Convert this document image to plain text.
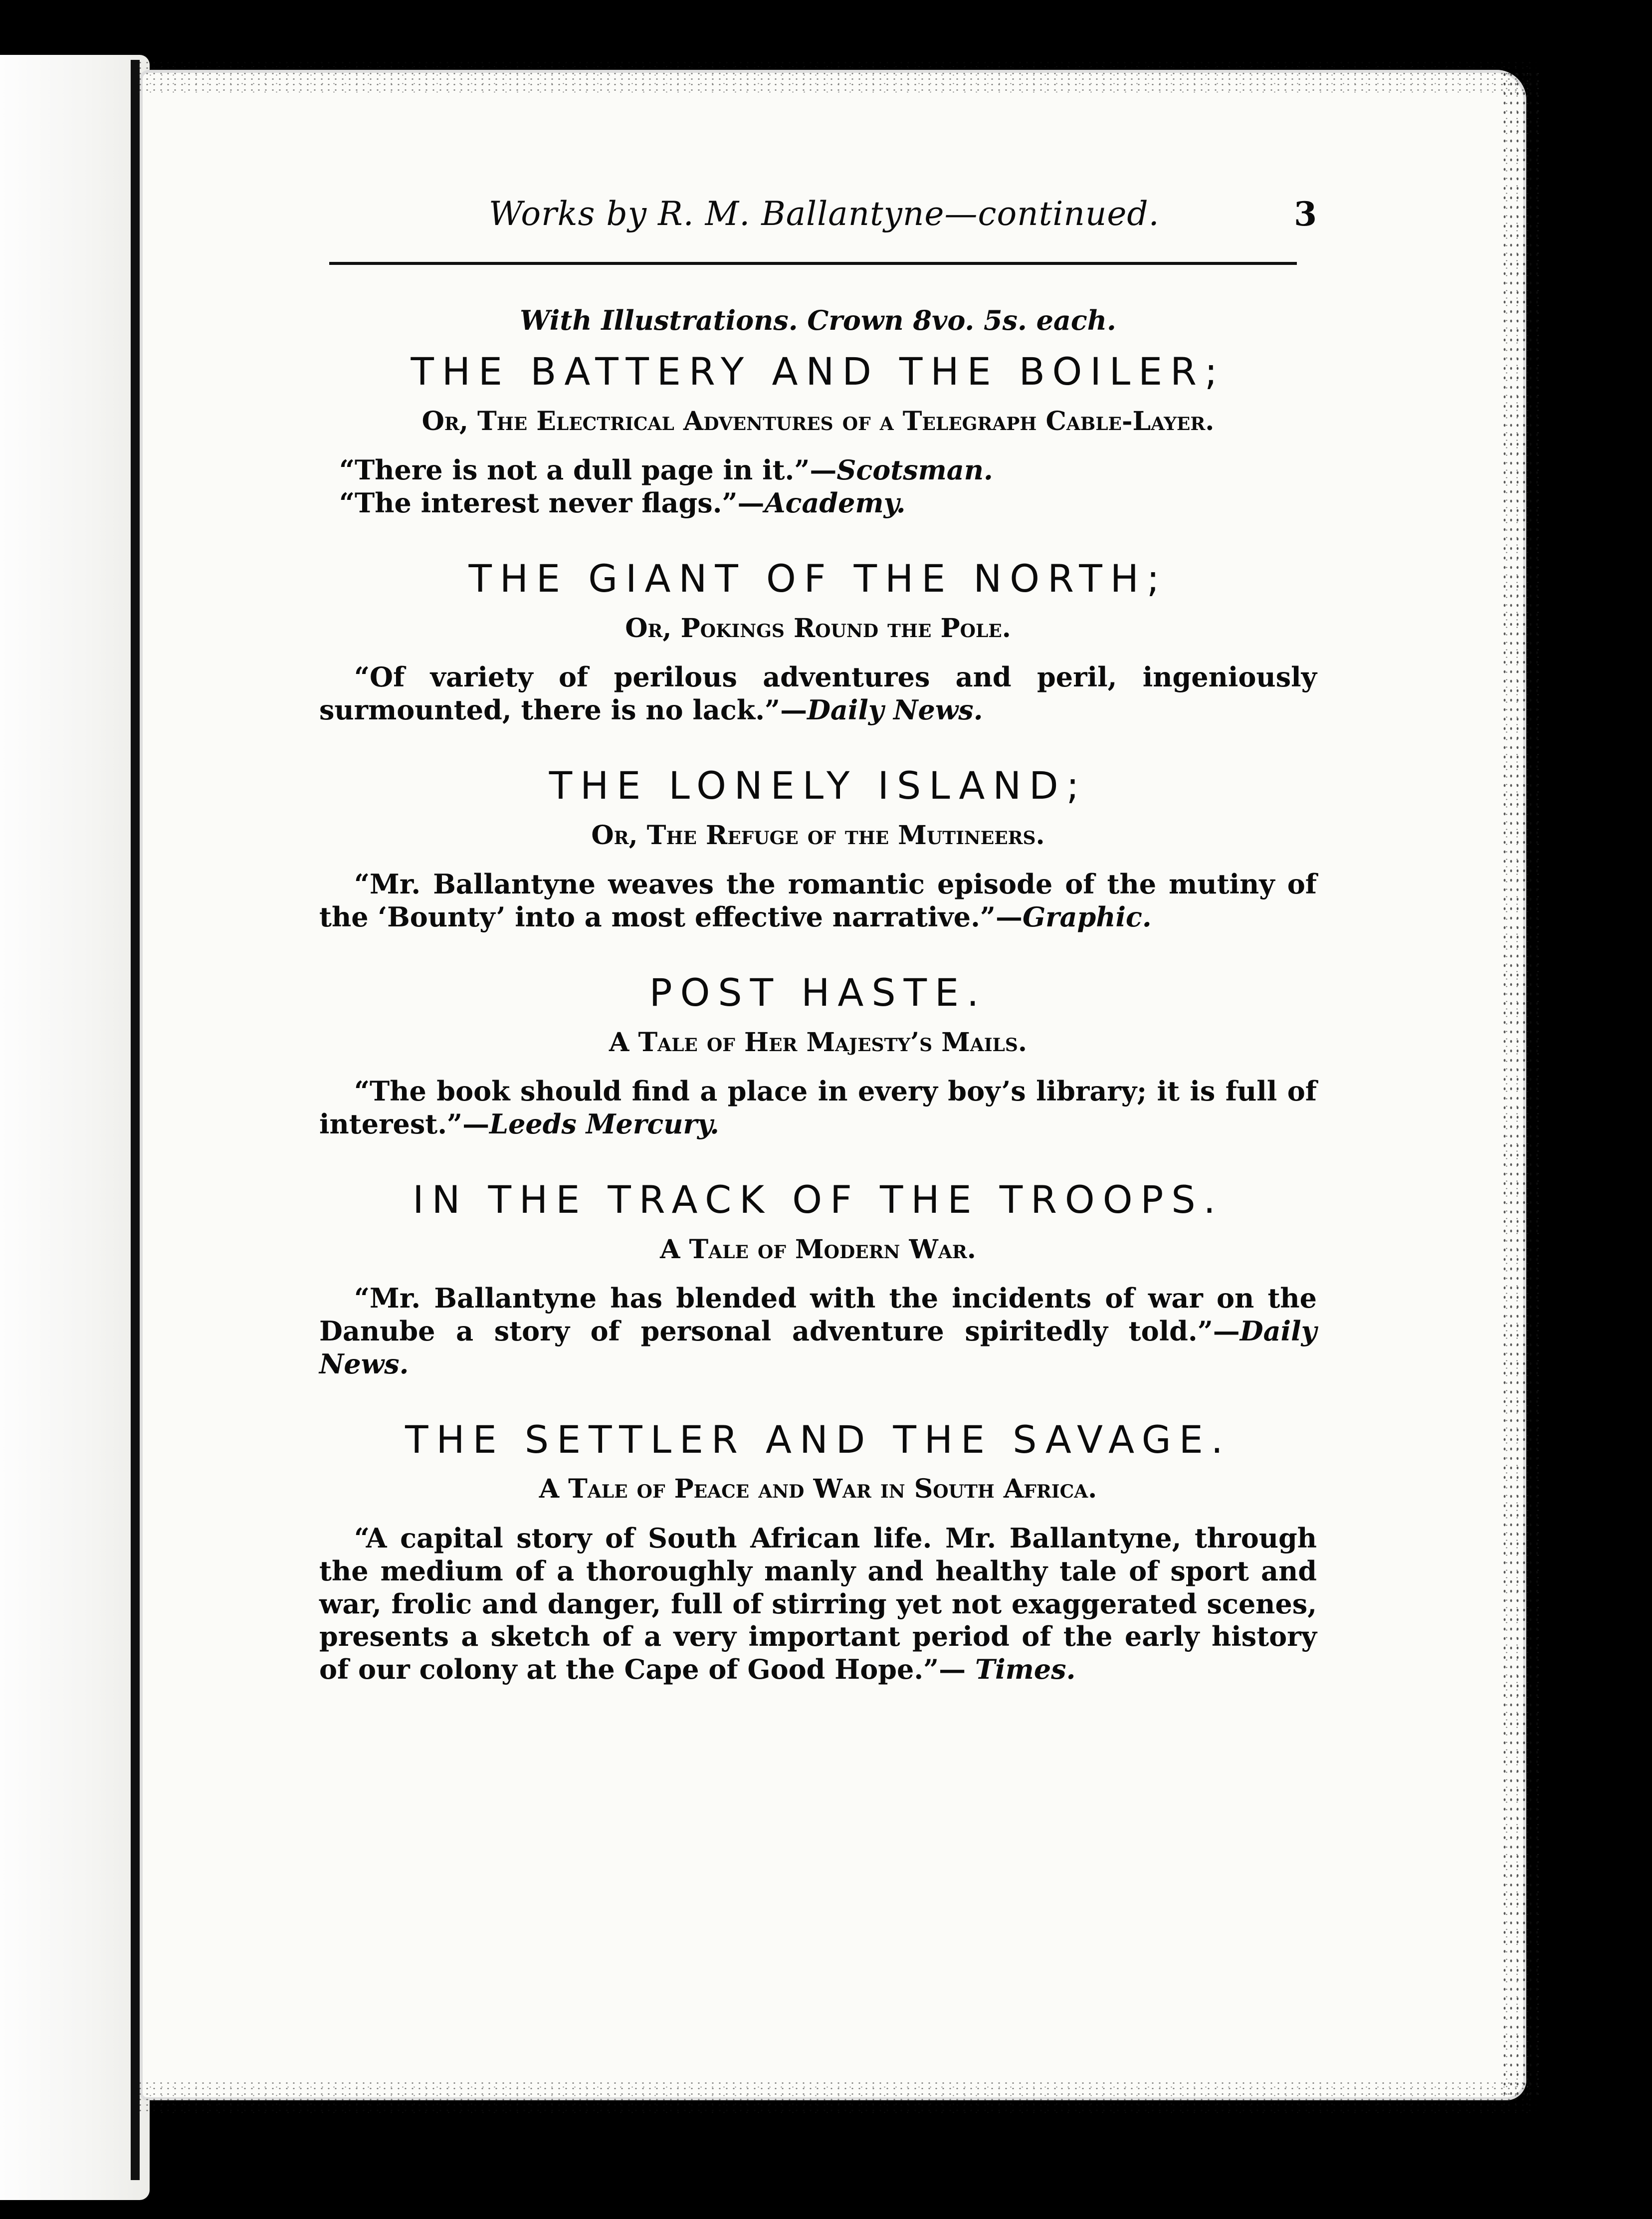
Works by R. M. Ballantyne—continued.	3
With Illustrations. Crown 8vo. 5s. each.
THE BATTERY AND THE BOILER;
Or, The Electrical Adventures of a Telegraph Cable-Layer.

“There is not a dull page in it.”—Scotsman.

“The interest never flags.”—Academy.

THE GIANT OF THE NORTH;
Or, Pokings Round the Pole.

“Of variety of perilous adventures and peril, ingeniously surmounted, there is no lack.”—Daily News.

THE LONELY ISLAND;
Or, The Refuge of the Mutineers.

“Mr. Ballantyne weaves the romantic episode of the mutiny of the ‘Bounty’ into a most effective narrative.”—Graphic.

POST HASTE.
A Tale of Her Majesty’s Mails.

“The book should find a place in every boy’s library; it is full of interest.”—Leeds Mercury.

IN THE TRACK OF THE TROOPS.
A Tale of Modern War.

“Mr. Ballantyne has blended with the incidents of war on the Danube a story of personal adventure spiritedly told.”—Daily News.

THE SETTLER AND THE SAVAGE.
A Tale of Peace and War in South Africa.

“A capital story of South African life. Mr. Ballantyne, through the medium of a thoroughly manly and healthy tale of sport and war, frolic and danger, full of stirring yet not exaggerated scenes, presents a sketch of a very important period of the early history of our colony at the Cape of Good Hope.”— Times.
